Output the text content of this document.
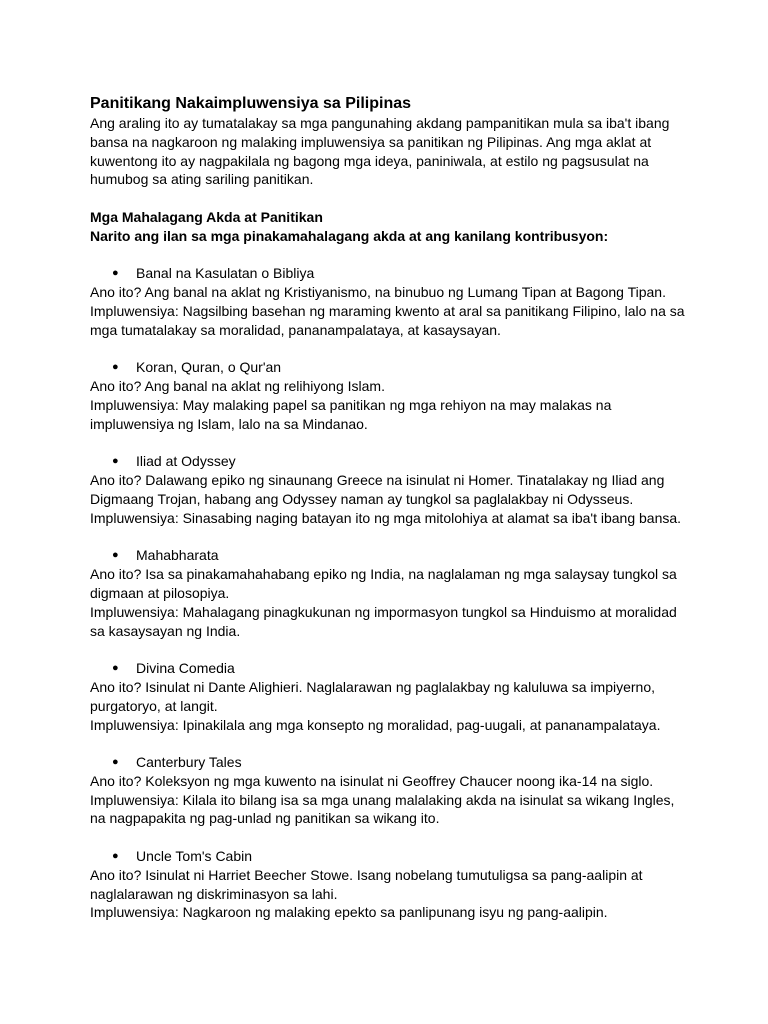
Panitikang Nakaimpluwensiya sa Pilipinas

Ang araling ito ay tumatalakay sa mga pangunahing akdang pampanitikan mula sa iba't ibang bansa na nagkaroon ng malaking impluwensiya sa panitikan ng Pilipinas. Ang mga aklat at kuwentong ito ay nagpakilala ng bagong mga ideya, paniniwala, at estilo ng pagsusulat na humubog sa ating sariling panitikan.

Mga Mahalagang Akda at Panitikan

Narito ang ilan sa mga pinakamahalagang akda at ang kanilang kontribusyon:

● Banal na Kasulatan o Bibliya

Ano ito? Ang banal na aklat ng Kristiyanismo, na binubuo ng Lumang Tipan at Bagong Tipan.

Impluwensiya: Nagsilbing basehan ng maraming kwento at aral sa panitikang Filipino, lalo na sa mga tumatalakay sa moralidad, pananampalataya, at kasaysayan.

● Koran, Quran, o Qur'an

Ano ito? Ang banal na aklat ng relihiyong Islam.

Impluwensiya: May malaking papel sa panitikan ng mga rehiyon na may malakas na impluwensiya ng Islam, lalo na sa Mindanao.

● Iliad at Odyssey

Ano ito? Dalawang epiko ng sinaunang Greece na isinulat ni Homer. Tinatalakay ng Iliad ang Digmaang Trojan, habang ang Odyssey naman ay tungkol sa paglalakbay ni Odysseus.

Impluwensiya: Sinasabing naging batayan ito ng mga mitolohiya at alamat sa iba't ibang bansa.

● Mahabharata

Ano ito? Isa sa pinakamahahabang epiko ng India, na naglalaman ng mga salaysay tungkol sa digmaan at pilosopiya.

Impluwensiya: Mahalagang pinagkukunan ng impormasyon tungkol sa Hinduismo at moralidad sa kasaysayan ng India.

● Divina Comedia

Ano ito? Isinulat ni Dante Alighieri. Naglalarawan ng paglalakbay ng kaluluwa sa impiyerno, purgatoryo, at langit.

Impluwensiya: Ipinakilala ang mga konsepto ng moralidad, pag-uugali, at pananampalataya.

● Canterbury Tales

Ano ito? Koleksyon ng mga kuwento na isinulat ni Geoffrey Chaucer noong ika-14 na siglo.

Impluwensiya: Kilala ito bilang isa sa mga unang malalaking akda na isinulat sa wikang Ingles, na nagpapakita ng pag-unlad ng panitikan sa wikang ito.

● Uncle Tom's Cabin

Ano ito? Isinulat ni Harriet Beecher Stowe. Isang nobelang tumutuligsa sa pang-aalipin at naglalarawan ng diskriminasyon sa lahi.

Impluwensiya: Nagkaroon ng malaking epekto sa panlipunang isyu ng pang-aalipin.
